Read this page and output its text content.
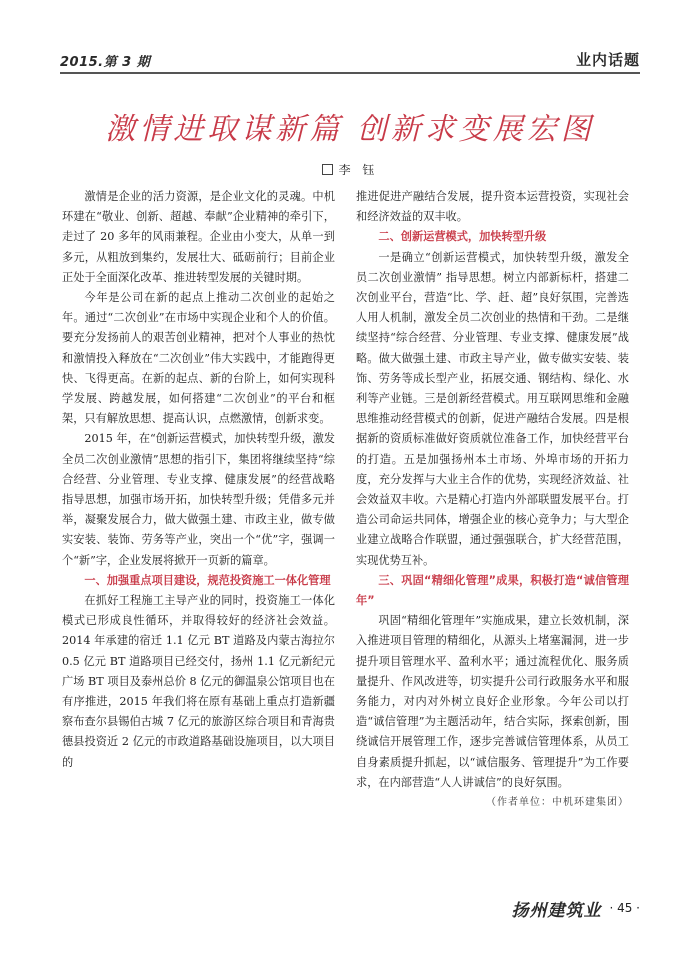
2015.第 3 期	业内话题
激情进取谋新篇 创新求变展宏图
李 钰

激情是企业的活力资源，是企业文化的灵魂。中机环建在“敬业、创新、超越、奉献”企业精神的牵引下，走过了 20 多年的风雨兼程。企业由小变大，从单一到多元，从粗放到集约，发展壮大、砥砺前行；目前企业正处于全面深化改革、推进转型发展的关键时期。

今年是公司在新的起点上推动二次创业的起始之年。通过“二次创业”在市场中实现企业和个人的价值。要充分发扬前人的艰苦创业精神，把对个人事业的热忱和激情投入释放在“二次创业”伟大实践中，才能跑得更快、飞得更高。在新的起点、新的台阶上，如何实现科学发展、跨越发展，如何搭建“二次创业”的平台和框架，只有解放思想、提高认识，点燃激情，创新求变。

2015 年，在“创新运营模式，加快转型升级，激发全员二次创业激情”思想的指引下，集团将继续坚持“综合经营、分业管理、专业支撑、健康发展”的经营战略指导思想，加强市场开拓，加快转型升级；凭借多元并举，凝聚发展合力，做大做强土建、市政主业，做专做实安装、装饰、劳务等产业，突出一个“优”字，强调一个“新”字，企业发展将掀开一页新的篇章。

一、加强重点项目建设，规范投资施工一体化管理

在抓好工程施工主导产业的同时，投资施工一体化模式已形成良性循环，并取得较好的经济社会效益。2014 年承建的宿迁 1.1 亿元 BT 道路及内蒙古海拉尔 0.5 亿元 BT 道路项目已经交付，扬州 1.1 亿元新纪元广场 BT 项目及泰州总价 8 亿元的御温泉公馆项目也在有序推进，2015 年我们将在原有基础上重点打造新疆察布查尔县锡伯古城 7 亿元的旅游区综合项目和青海贵德县投资近 2 亿元的市政道路基础设施项目，以大项目的

推进促进产融结合发展，提升资本运营投资，实现社会和经济效益的双丰收。

二、创新运营模式，加快转型升级

一是确立“创新运营模式，加快转型升级，激发全员二次创业激情” 指导思想。树立内部新标杆，搭建二次创业平台，营造“比、学、赶、超”良好氛围，完善选人用人机制，激发全员二次创业的热情和干劲。二是继续坚持“综合经营、分业管理、专业支撑、健康发展”战略。做大做强土建、市政主导产业，做专做实安装、装饰、劳务等成长型产业，拓展交通、钢结构、绿化、水利等产业链。三是创新经营模式。用互联网思维和金融思维推动经营模式的创新，促进产融结合发展。四是根据新的资质标准做好资质就位准备工作，加快经营平台的打造。五是加强扬州本土市场、外埠市场的开拓力度，充分发挥与大业主合作的优势，实现经济效益、社会效益双丰收。六是精心打造内外部联盟发展平台。打造公司命运共同体，增强企业的核心竞争力；与大型企业建立战略合作联盟，通过强强联合，扩大经营范围，实现优势互补。

三、巩固“精细化管理”成果，积极打造“诚信管理年”

巩固“精细化管理年”实施成果，建立长效机制，深入推进项目管理的精细化，从源头上堵塞漏洞，进一步提升项目管理水平、盈利水平；通过流程优化、服务质量提升、作风改进等，切实提升公司行政服务水平和服务能力，对内对外树立良好企业形象。今年公司以打造“诚信管理”为主题活动年，结合实际，探索创新，围绕诚信开展管理工作，逐步完善诚信管理体系，从员工自身素质提升抓起，以“诚信服务、管理提升”为工作要求，在内部营造“人人讲诚信”的良好氛围。

（作者单位：中机环建集团）
扬州建筑业 · 45 ·
